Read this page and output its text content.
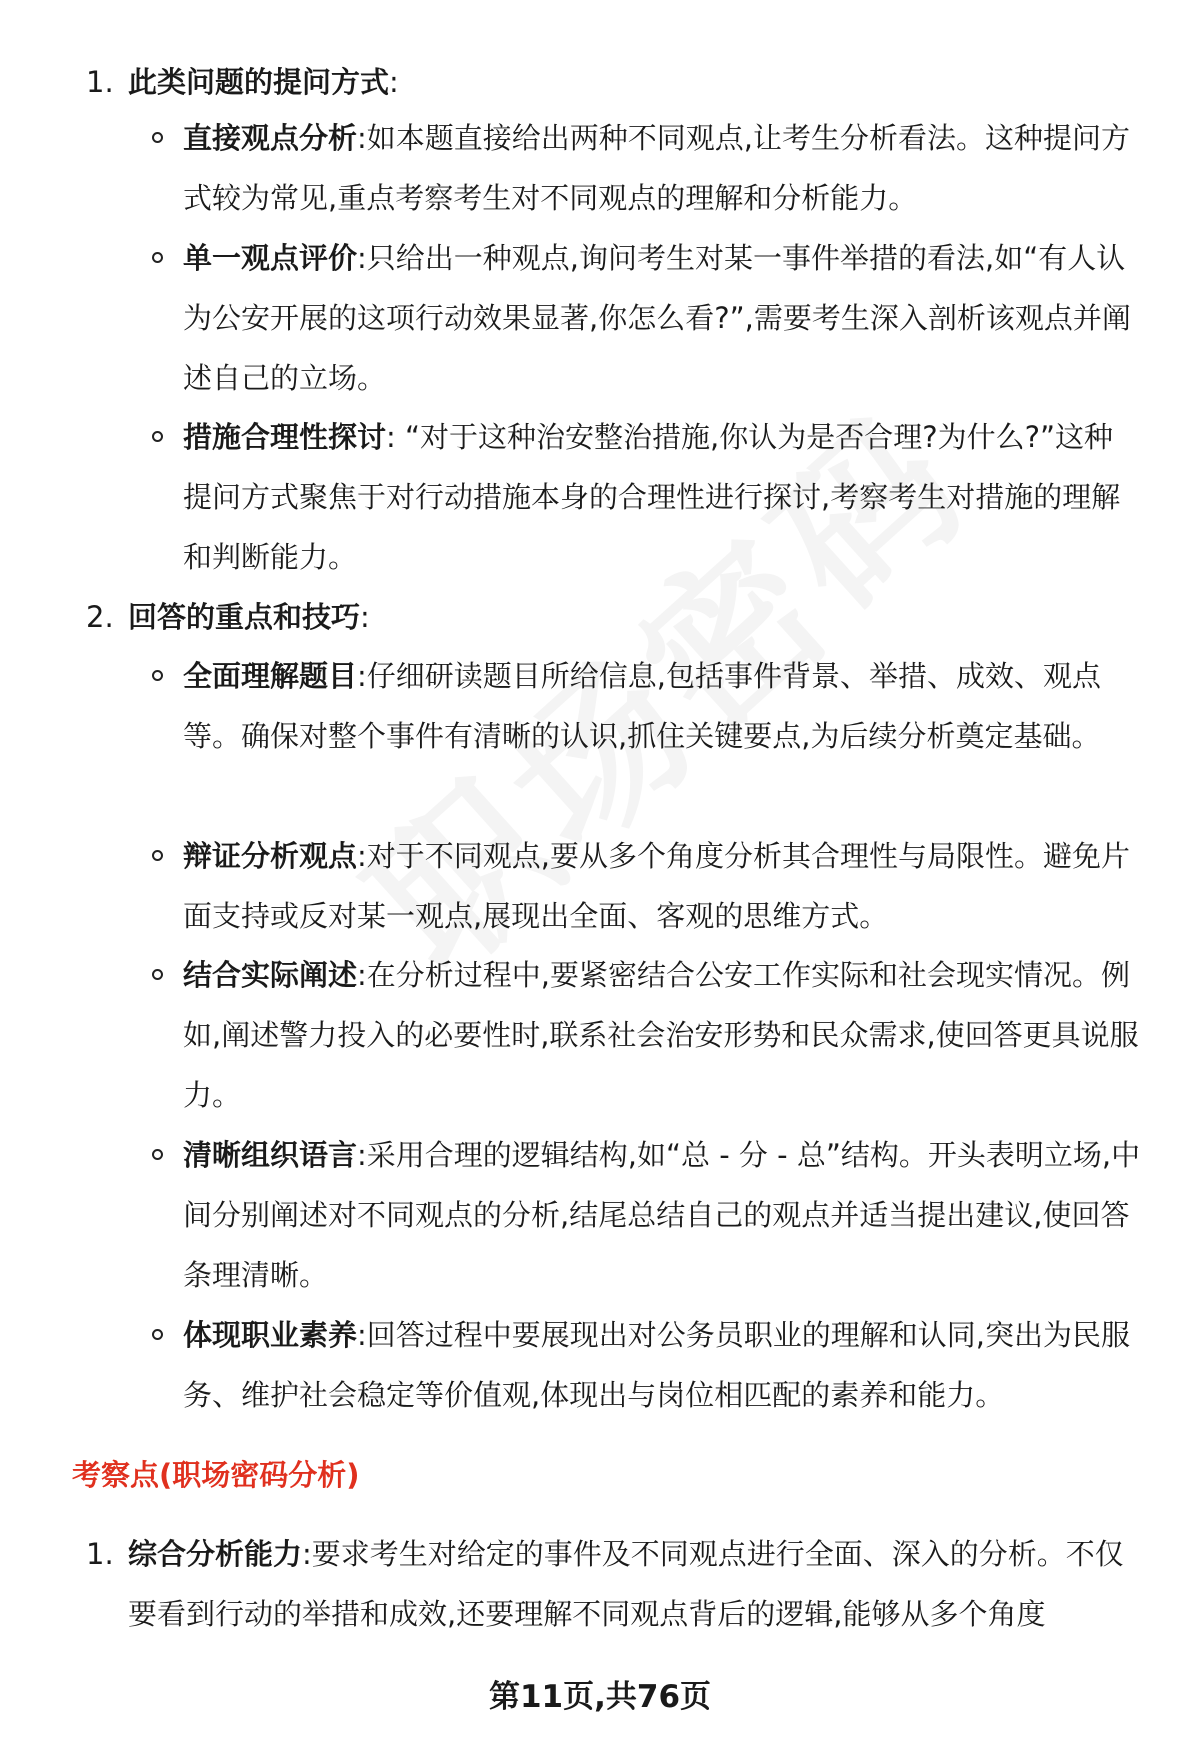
1. 此类问题的提问方式:
直接观点分析:如本题直接给出两种不同观点,让考生分析看法。这种提问方式较为常见,重点考察考生对不同观点的理解和分析能力。
单一观点评价:只给出一种观点,询问考生对某一事件举措的看法,如“有人认为公安开展的这项行动效果显著,你怎么看?”,需要考生深入剖析该观点并阐述自己的立场。
措施合理性探讨: “对于这种治安整治措施,你认为是否合理?为什么?”这种提问方式聚焦于对行动措施本身的合理性进行探讨,考察考生对措施的理解和判断能力。
2. 回答的重点和技巧:
全面理解题目:仔细研读题目所给信息,包括事件背景、举措、成效、观点等。确保对整个事件有清晰的认识,抓住关键要点,为后续分析奠定基础。
辩证分析观点:对于不同观点,要从多个角度分析其合理性与局限性。避免片面支持或反对某一观点,展现出全面、客观的思维方式。
结合实际阐述:在分析过程中,要紧密结合公安工作实际和社会现实情况。例如,阐述警力投入的必要性时,联系社会治安形势和民众需求,使回答更具说服力。
清晰组织语言:采用合理的逻辑结构,如“总 - 分 - 总”结构。开头表明立场,中间分别阐述对不同观点的分析,结尾总结自己的观点并适当提出建议,使回答条理清晰。
体现职业素养:回答过程中要展现出对公务员职业的理解和认同,突出为民服务、维护社会稳定等价值观,体现出与岗位相匹配的素养和能力。
考察点(职场密码分析)
1. 综合分析能力:要求考生对给定的事件及不同观点进行全面、深入的分析。不仅要看到行动的举措和成效,还要理解不同观点背后的逻辑,能够从多个角度
第11页,共76页
